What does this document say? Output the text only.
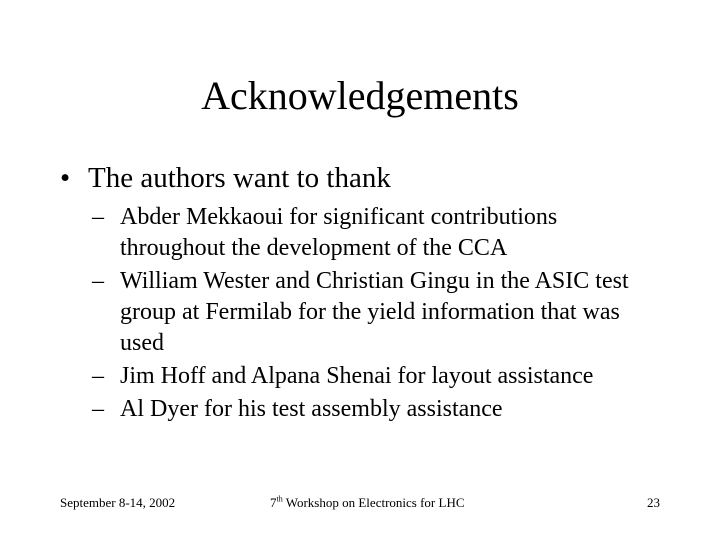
Acknowledgements
• The authors want to thank
– Abder Mekkaoui for significant contributions throughout the development of the CCA
– William Wester and Christian Gingu in the ASIC test group at Fermilab for the yield information that was used
– Jim Hoff and Alpana Shenai for layout assistance
– Al Dyer for his test assembly assistance
September 8-14, 2002	7th Workshop on Electronics for LHC	23
